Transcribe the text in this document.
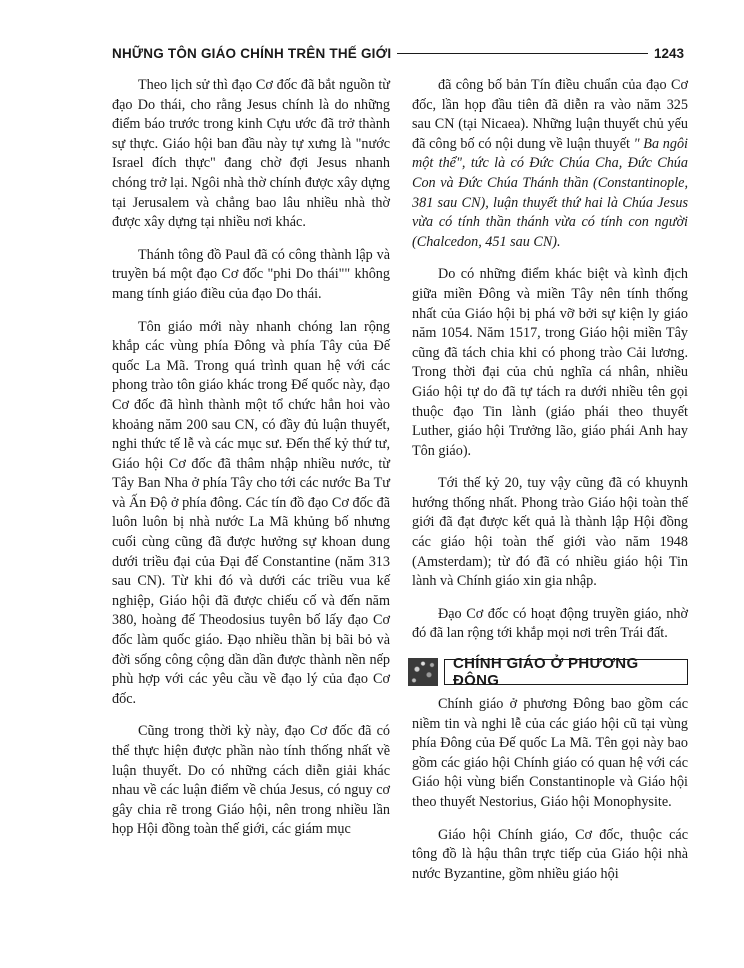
NHỮNG TÔN GIÁO CHÍNH TRÊN THẾ GIỚI	1243

Theo lịch sử thì đạo Cơ đốc đã bắt nguồn từ đạo Do thái, cho rằng Jesus chính là do những điểm báo trước trong kinh Cựu ước đã trở thành sự thực. Giáo hội ban đầu này tự xưng là "nước Israel đích thực" đang chờ đợi Jesus nhanh chóng trở lại. Ngôi nhà thờ chính được xây dựng tại Jerusalem và chẳng bao lâu nhiều nhà thờ được xây dựng tại nhiều nơi khác.

Thánh tông đồ Paul đã có công thành lập và truyền bá một đạo Cơ đốc "phi Do thái"" không mang tính giáo điều của đạo Do thái.

Tôn giáo mới này nhanh chóng lan rộng khắp các vùng phía Đông và phía Tây của Đế quốc La Mã. Trong quá trình quan hệ với các phong trào tôn giáo khác trong Đế quốc này, đạo Cơ đốc đã hình thành một tổ chức hẳn hoi vào khoảng năm 200 sau CN, có đầy đủ luận thuyết, nghi thức tế lễ và các mục sư. Đến thế kỷ thứ tư, Giáo hội Cơ đốc đã thâm nhập nhiều nước, từ Tây Ban Nha ở phía Tây cho tới các nước Ba Tư và Ấn Độ ở phía đông. Các tín đồ đạo Cơ đốc đã luôn luôn bị nhà nước La Mã khủng bố nhưng cuối cùng cũng đã được hưởng sự khoan dung dưới triều đại của Đại đế Constantine (năm 313 sau CN). Từ khi đó và dưới các triều vua kế nghiệp, Giáo hội đã được chiếu cố và đến năm 380, hoàng đế Theodosius tuyên bố lấy đạo Cơ đốc làm quốc giáo. Đạo nhiều thần bị bãi bỏ và đời sống công cộng dần dần được thành nền nếp phù hợp với các yêu cầu về đạo lý của đạo Cơ đốc.

Cũng trong thời kỳ này, đạo Cơ đốc đã có thể thực hiện được phần nào tính thống nhất về luận thuyết. Do có những cách diễn giải khác nhau về các luận điểm về chúa Jesus, có nguy cơ gây chia rẽ trong Giáo hội, nên trong nhiều lần họp Hội đồng toàn thế giới, các giám mục

đã công bố bản Tín điều chuẩn của đạo Cơ đốc, lần họp đầu tiên đã diễn ra vào năm 325 sau CN (tại Nicaea). Những luận thuyết chủ yếu đã công bố có nội dung về luận thuyết " Ba ngôi một thể", tức là có Đức Chúa Cha, Đức Chúa Con và Đức Chúa Thánh thần (Constantinople, 381 sau CN), luận thuyết thứ hai là Chúa Jesus vừa có tính thần thánh vừa có tính con người (Chalcedon, 451 sau CN).

Do có những điểm khác biệt và kình địch giữa miền Đông và miền Tây nên tính thống nhất của Giáo hội bị phá vỡ bởi sự kiện ly giáo năm 1054. Năm 1517, trong Giáo hội miền Tây cũng đã tách chia khi có phong trào Cải lương. Trong thời đại của chủ nghĩa cá nhân, nhiều Giáo hội tự do đã tự tách ra dưới nhiều tên gọi thuộc đạo Tin lành (giáo phái theo thuyết Luther, giáo hội Trưởng lão, giáo phái Anh hay Tôn giáo).

Tới thế kỷ 20, tuy vậy cũng đã có khuynh hướng thống nhất. Phong trào Giáo hội toàn thế giới đã đạt được kết quả là thành lập Hội đồng các giáo hội toàn thế giới vào năm 1948 (Amsterdam); từ đó đã có nhiều giáo hội Tin lành và Chính giáo xin gia nhập.

Đạo Cơ đốc có hoạt động truyền giáo, nhờ đó đã lan rộng tới khắp mọi nơi trên Trái đất.

CHÍNH GIÁO Ở PHƯƠNG ĐÔNG

Chính giáo ở phương Đông bao gồm các niềm tin và nghi lễ của các giáo hội cũ tại vùng phía Đông của Đế quốc La Mã. Tên gọi này bao gồm các giáo hội Chính giáo có quan hệ với các Giáo hội vùng biển Constantinople và Giáo hội theo thuyết Nestorius, Giáo hội Monophysite.

Giáo hội Chính giáo, Cơ đốc, thuộc các tông đồ là hậu thân trực tiếp của Giáo hội nhà nước Byzantine, gồm nhiều giáo hội
